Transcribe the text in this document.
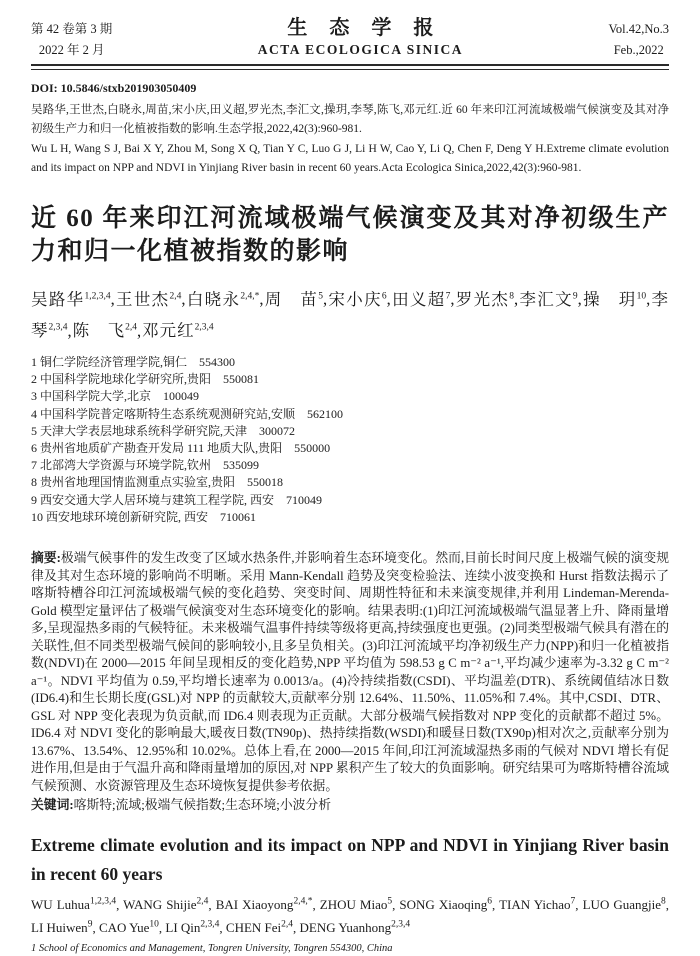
第 42 卷第 3 期
2022 年 2 月
生态学报
ACTA ECOLOGICA SINICA
Vol.42,No.3
Feb.,2022
DOI: 10.5846/stxb201903050409
吴路华,王世杰,白晓永,周苗,宋小庆,田义超,罗光杰,李汇文,操玥,李琴,陈飞,邓元红.近 60 年来印江河流域极端气候演变及其对净初级生产力和归一化植被指数的影响.生态学报,2022,42(3):960-981.
Wu L H, Wang S J, Bai X Y, Zhou M, Song X Q, Tian Y C, Luo G J, Li H W, Cao Y, Li Q, Chen F, Deng Y H.Extreme climate evolution and its impact on NPP and NDVI in Yinjiang River basin in recent 60 years.Acta Ecologica Sinica,2022,42(3):960-981.
近 60 年来印江河流域极端气候演变及其对净初级生产力和归一化植被指数的影响
吴路华$^{1,2,3,4}$,王世杰$^{2,4}$,白晓永$^{2,4,*}$,周　苗$^5$,宋小庆$^6$,田义超$^7$,罗光杰$^8$,李汇文$^9$,操　玥$^{10}$,李　琴$^{2,3,4}$,陈　飞$^{2,4}$,邓元红$^{2,3,4}$
1 铜仁学院经济管理学院,铜仁 554300
2 中国科学院地球化学研究所,贵阳 550081
3 中国科学院大学,北京 100049
4 中国科学院普定喀斯特生态系统观测研究站,安顺 562100
5 天津大学表层地球系统科学研究院,天津 300072
6 贵州省地质矿产勘查开发局 111 地质大队,贵阳 550000
7 北部湾大学资源与环境学院,钦州 535099
8 贵州省地理国情监测重点实验室,贵阳 550018
9 西安交通大学人居环境与建筑工程学院, 西安 710049
10 西安地球环境创新研究院, 西安 710061
摘要:极端气候事件的发生改变了区域水热条件,并影响着生态环境变化。然而,目前长时间尺度上极端气候的演变规律及其对生态环境的影响尚不明晰。采用 Mann-Kendall 趋势及突变检验法、连续小波变换和 Hurst 指数法揭示了喀斯特槽谷印江河流域极端气候的变化趋势、突变时间、周期性特征和未来演变规律,并利用 Lindeman-Merenda-Gold 模型定量评估了极端气候演变对生态环境变化的影响。结果表明:(1)印江河流域极端气温显著上升、降雨量增多,呈现湿热多雨的气候特征。未来极端气温事件持续等级将更高,持续强度也更强。(2)同类型极端气候具有潜在的关联性,但不同类型极端气候间的影响较小,且多呈负相关。(3)印江河流域平均净初级生产力(NPP)和归一化植被指数(NDVI)在 2000—2015 年间呈现相反的变化趋势,NPP 平均值为 598.53 g C m⁻² a⁻¹,平均减少速率为-3.32 g C m⁻² a⁻¹。NDVI 平均值为 0.59,平均增长速率为 0.0013/a。(4)冷持续指数(CSDI)、平均温差(DTR)、系统阈值结冰日数(ID6.4)和生长期长度(GSL)对 NPP 的贡献较大,贡献率分别 12.64%、11.50%、11.05%和 7.4%。其中,CSDI、DTR、GSL 对 NPP 变化表现为负贡献,而 ID6.4 则表现为正贡献。大部分极端气候指数对 NPP 变化的贡献都不超过 5%。ID6.4 对 NDVI 变化的影响最大,暖夜日数(TN90p)、热持续指数(WSDI)和暖昼日数(TX90p)相对次之,贡献率分别为 13.67%、13.54%、12.95%和 10.02%。总体上看,在 2000—2015 年间,印江河流域湿热多雨的气候对 NDVI 增长有促进作用,但是由于气温升高和降雨量增加的原因,对 NPP 累积产生了较大的负面影响。研究结果可为喀斯特槽谷流域气候预测、水资源管理及生态环境恢复提供参考依据。
关键词:喀斯特;流域;极端气候指数;生态环境;小波分析
Extreme climate evolution and its impact on NPP and NDVI in Yinjiang River basin in recent 60 years
WU Luhua$^{1,2,3,4}$, WANG Shijie$^{2,4}$, BAI Xiaoyong$^{2,4,*}$, ZHOU Miao$^5$, SONG Xiaoqing$^6$, TIAN Yichao$^7$, LUO Guangjie$^8$, LI Huiwen$^9$, CAO Yue$^{10}$, LI Qin$^{2,3,4}$, CHEN Fei$^{2,4}$, DENG Yuanhong$^{2,3,4}$
1 School of Economics and Management, Tongren University, Tongren 554300, China
